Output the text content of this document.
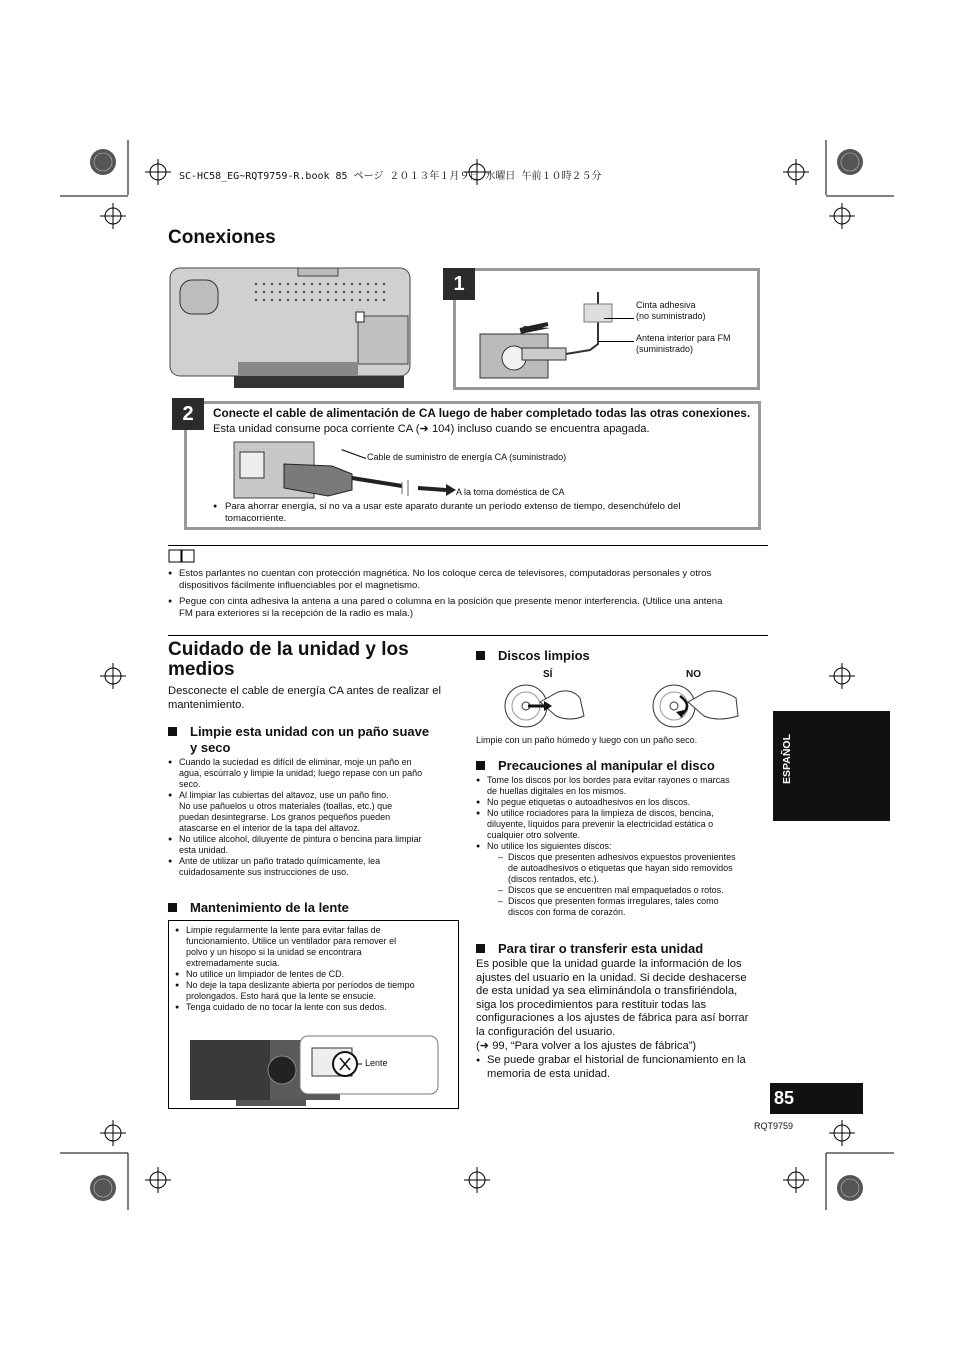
SC-HC58_EG~RQT9759-R.book 85 ページ ２０１３年１月９日 水曜日 午前１０時２５分
Conexiones
1
Cinta adhesiva
(no suministrado)
Antena interior para FM
(suministrado)
2	Conecte el cable de alimentación de CA luego de haber completado todas las otras conexiones.
Esta unidad consume poca corriente CA (➜ 104) incluso cuando se encuentra apagada.
Cable de suministro de energía CA (suministrado)
A la toma doméstica de CA
● Para ahorrar energía, si no va a usar este aparato durante un período extenso de tiempo, desenchúfelo del
tomacorriente.
● Estos parlantes no cuentan con protección magnética. No los coloque cerca de televisores, computadoras personales y otros
dispositivos fácilmente influenciables por el magnetismo.
● Pegue con cinta adhesiva la antena a una pared o columna en la posición que presente menor interferencia. (Utilice una antena
FM para exteriores si la recepción de la radio es mala.)
Cuidado de la unidad y los
medios
Desconecte el cable de energía CA antes de realizar el
mantenimiento.
Limpie esta unidad con un paño suave
y seco
● Cuando la suciedad es difícil de eliminar, moje un paño en
agua, escúrralo y limpie la unidad; luego repase con un paño
seco.
● Al limpiar las cubiertas del altavoz, use un paño fino.
No use pañuelos u otros materiales (toallas, etc.) que
puedan desintegrarse. Los granos pequeños pueden
atascarse en el interior de la tapa del altavoz.
● No utilice alcohol, diluyente de pintura o bencina para limpiar
esta unidad.
● Ante de utilizar un paño tratado químicamente, lea
cuidadosamente sus instrucciones de uso.
Mantenimiento de la lente
● Limpie regularmente la lente para evitar fallas de
funcionamiento. Utilice un ventilador para remover el
polvo y un hisopo si la unidad se encontrara
extremadamente sucia.
● No utilice un limpiador de lentes de CD.
● No deje la tapa deslizante abierta por períodos de tiempo
prolongados. Esto hará que la lente se ensucie.
● Tenga cuidado de no tocar la lente con sus dedos.
Lente
Discos limpios
SÍ	NO
Limpie con un paño húmedo y luego con un paño seco.
Precauciones al manipular el disco
● Tome los discos por los bordes para evitar rayones o marcas
de huellas digitales en los mismos.
● No pegue etiquetas o autoadhesivos en los discos.
● No utilice rociadores para la limpieza de discos, bencina,
diluyente, líquidos para prevenir la electricidad estática o
cualquier otro solvente.
● No utilice los siguientes discos:
– Discos que presenten adhesivos expuestos provenientes
de autoadhesivos o etiquetas que hayan sido removidos
(discos rentados, etc.).
– Discos que se encuentren mal empaquetados o rotos.
– Discos que presenten formas irregulares, tales como
discos con forma de corazón.
Para tirar o transferir esta unidad
Es posible que la unidad guarde la información de los
ajustes del usuario en la unidad. Si decide deshacerse
de esta unidad ya sea eliminándola o transfiriéndola,
siga los procedimientos para restituir todas las
configuraciones a los ajustes de fábrica para así borrar
la configuración del usuario.
(➜ 99, “Para volver a los ajustes de fábrica”)
● Se puede grabar el historial de funcionamiento en la
memoria de esta unidad.
ESPAÑOL
85
RQT9759
